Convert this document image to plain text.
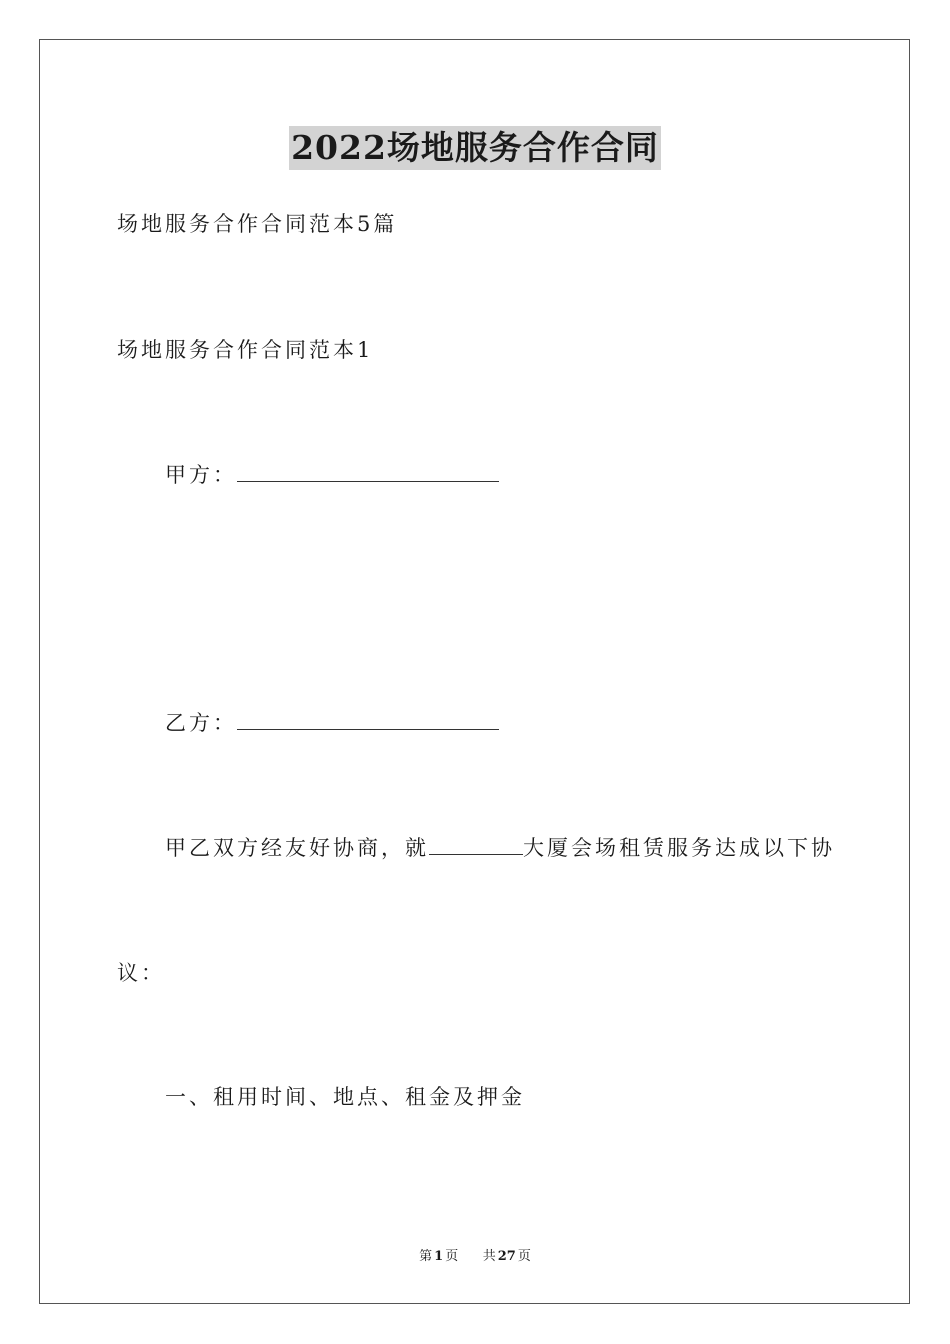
2022场地服务合作合同
场地服务合作合同范本5篇
场地服务合作合同范本1
甲方：
乙方：
甲乙双方经友好协商，就	大厦会场租赁服务达成以下协
议：
一、租用时间、地点、租金及押金
第 1 页 共 27 页
